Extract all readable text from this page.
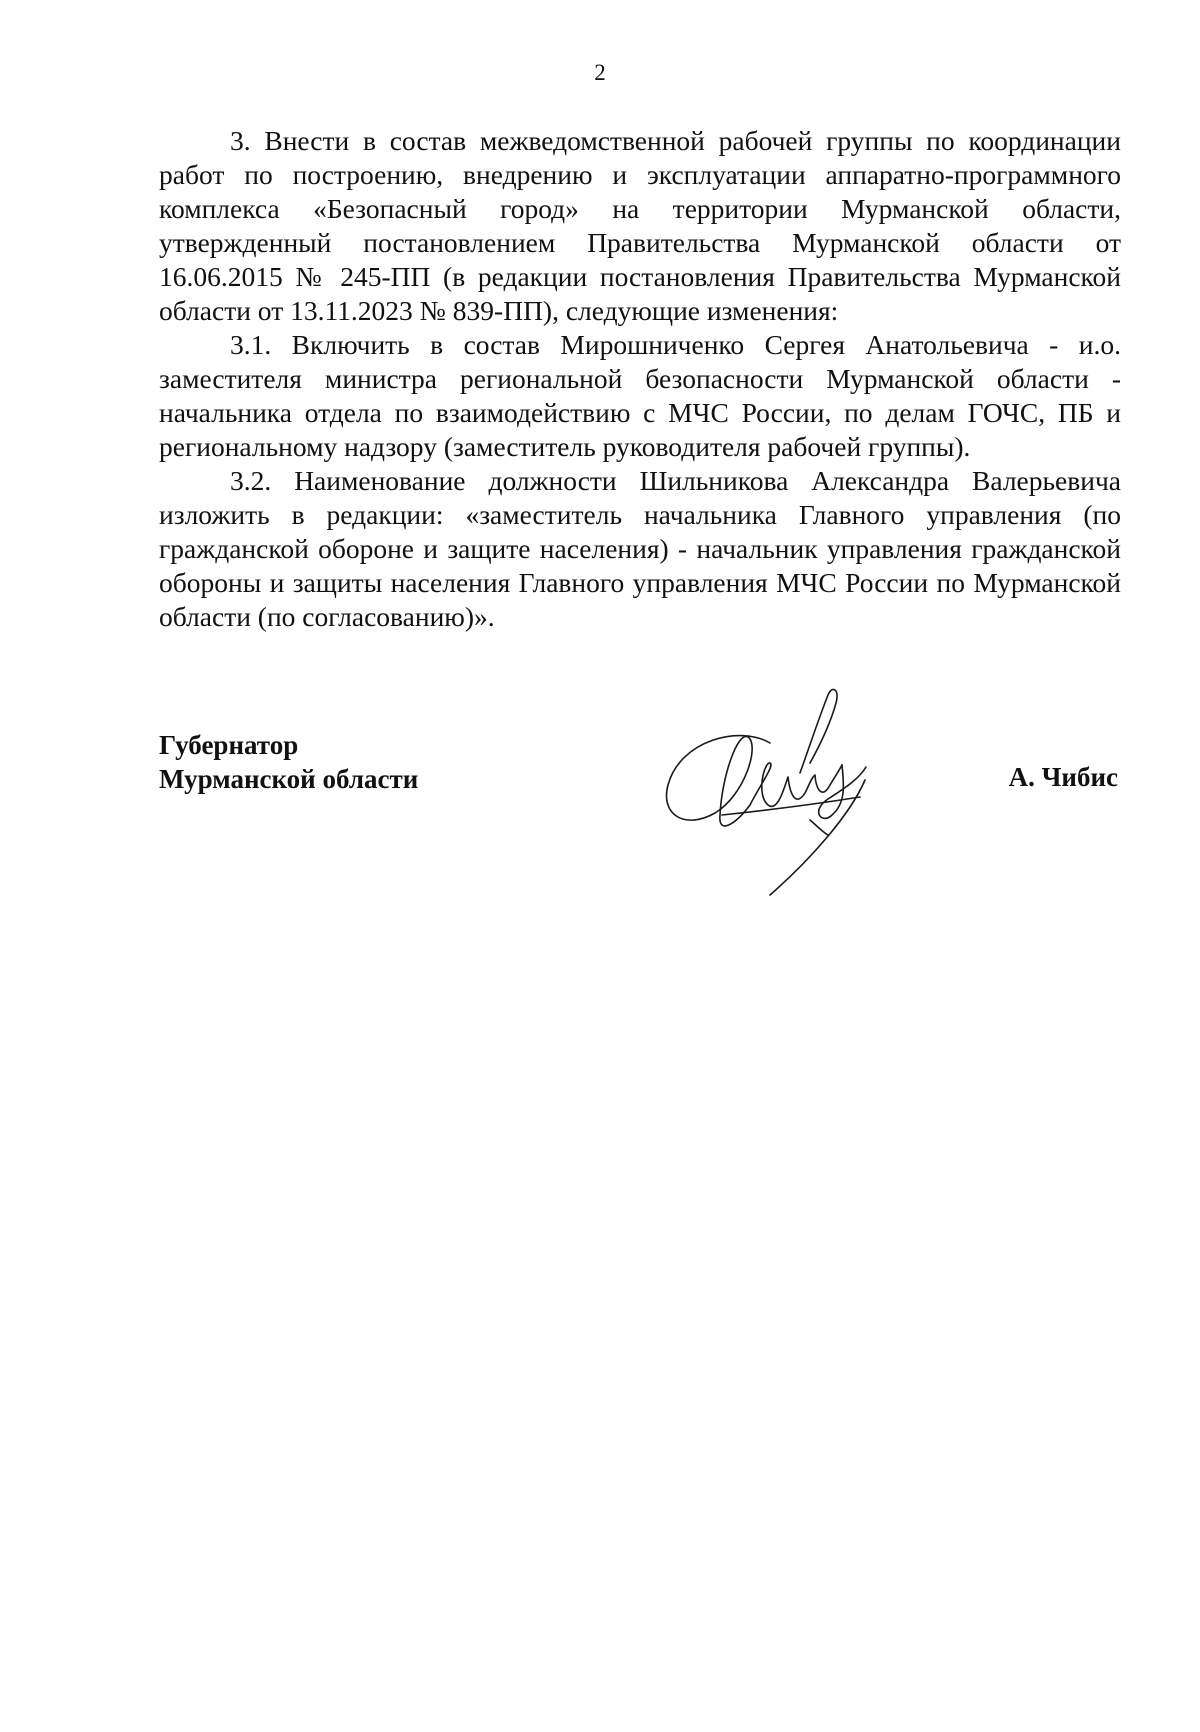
2

3. Внести в состав межведомственной рабочей группы по координации работ по построению, внедрению и эксплуатации аппаратно-программного комплекса «Безопасный город» на территории Мурманской области, утвержденный постановлением Правительства Мурманской области от 16.06.2015 № 245-ПП (в редакции постановления Правительства Мурманской области от 13.11.2023 № 839-ПП), следующие изменения:

3.1. Включить в состав Мирошниченко Сергея Анатольевича - и.о. заместителя министра региональной безопасности Мурманской области - начальника отдела по взаимодействию с МЧС России, по делам ГОЧС, ПБ и региональному надзору (заместитель руководителя рабочей группы).

3.2. Наименование должности Шильникова Александра Валерьевича изложить в редакции: «заместитель начальника Главного управления (по гражданской обороне и защите населения) - начальник управления гражданской обороны и защиты населения Главного управления МЧС России по Мурманской области (по согласованию)».

Губернатор
Мурманской области	А. Чибис
